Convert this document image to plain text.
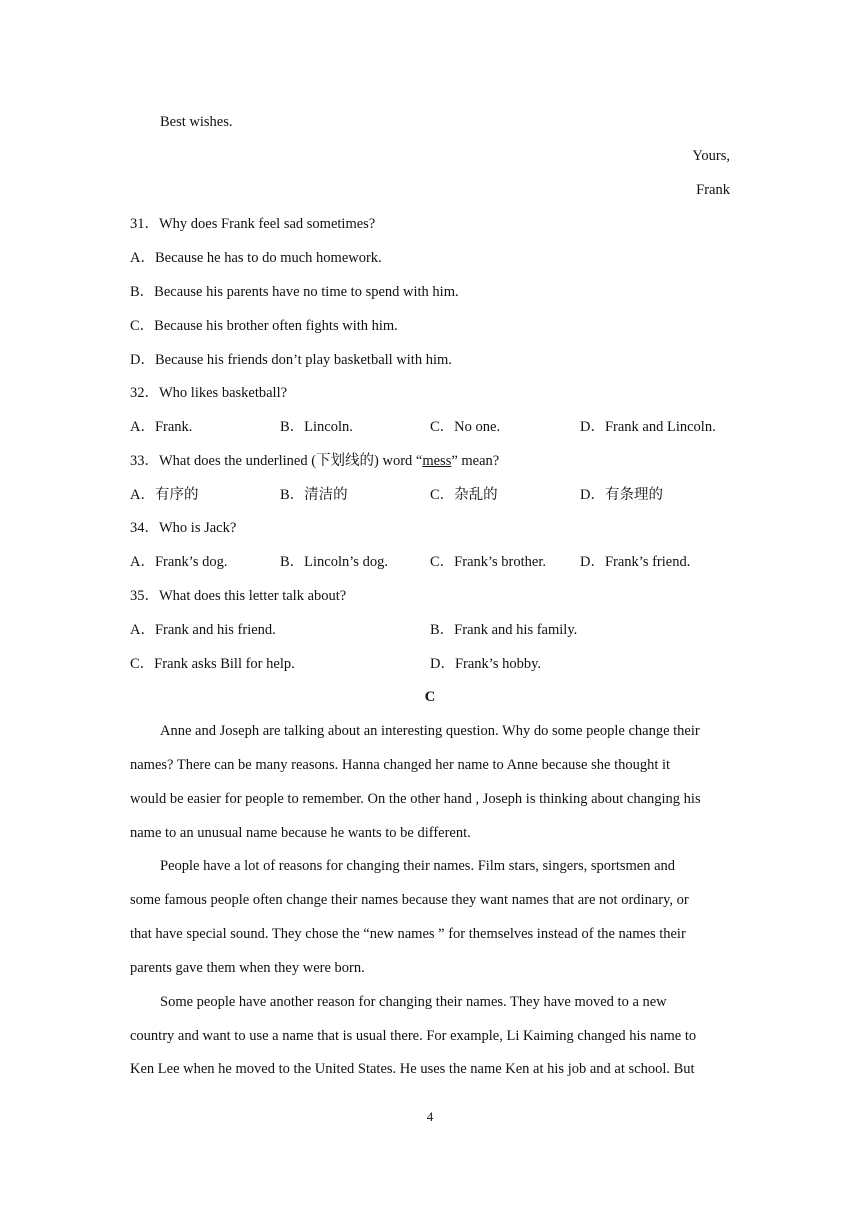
Best wishes.
Yours,
Frank
31．Why does Frank feel sad sometimes?
A．Because he has to do much homework.
B．Because his parents have no time to spend with him.
C．Because his brother often fights with him.
D．Because his friends don’t play basketball with him.
32．Who likes basketball?
A．Frank.	B．Lincoln.	C．No one.	D．Frank and Lincoln.
33．What does the underlined (下划线的) word “mess” mean?
A．有序的	B．清洁的	C．杂乱的	D．有条理的
34．Who is Jack?
A．Frank’s dog.	B．Lincoln’s dog.	C．Frank’s brother. D．Frank’s friend.
35．What does this letter talk about?
A．Frank and his friend.	B．Frank and his family.
C．Frank asks Bill for help.	D．Frank’s hobby.
C
Anne and Joseph are talking about an interesting question. Why do some people change their
names? There can be many reasons. Hanna changed her name to Anne because she thought it
would be easier for people to remember. On the other hand , Joseph is thinking about changing his
name to an unusual name because he wants to be different.
People have a lot of reasons for changing their names. Film stars, singers, sportsmen and
some famous people often change their names because they want names that are not ordinary, or
that have special sound. They chose the “new names ” for themselves instead of the names their
parents gave them when they were born.
Some people have another reason for changing their names. They have moved to a new
country and want to use a name that is usual there. For example, Li Kaiming changed his name to
Ken Lee when he moved to the United States. He uses the name Ken at his job and at school. But
4
